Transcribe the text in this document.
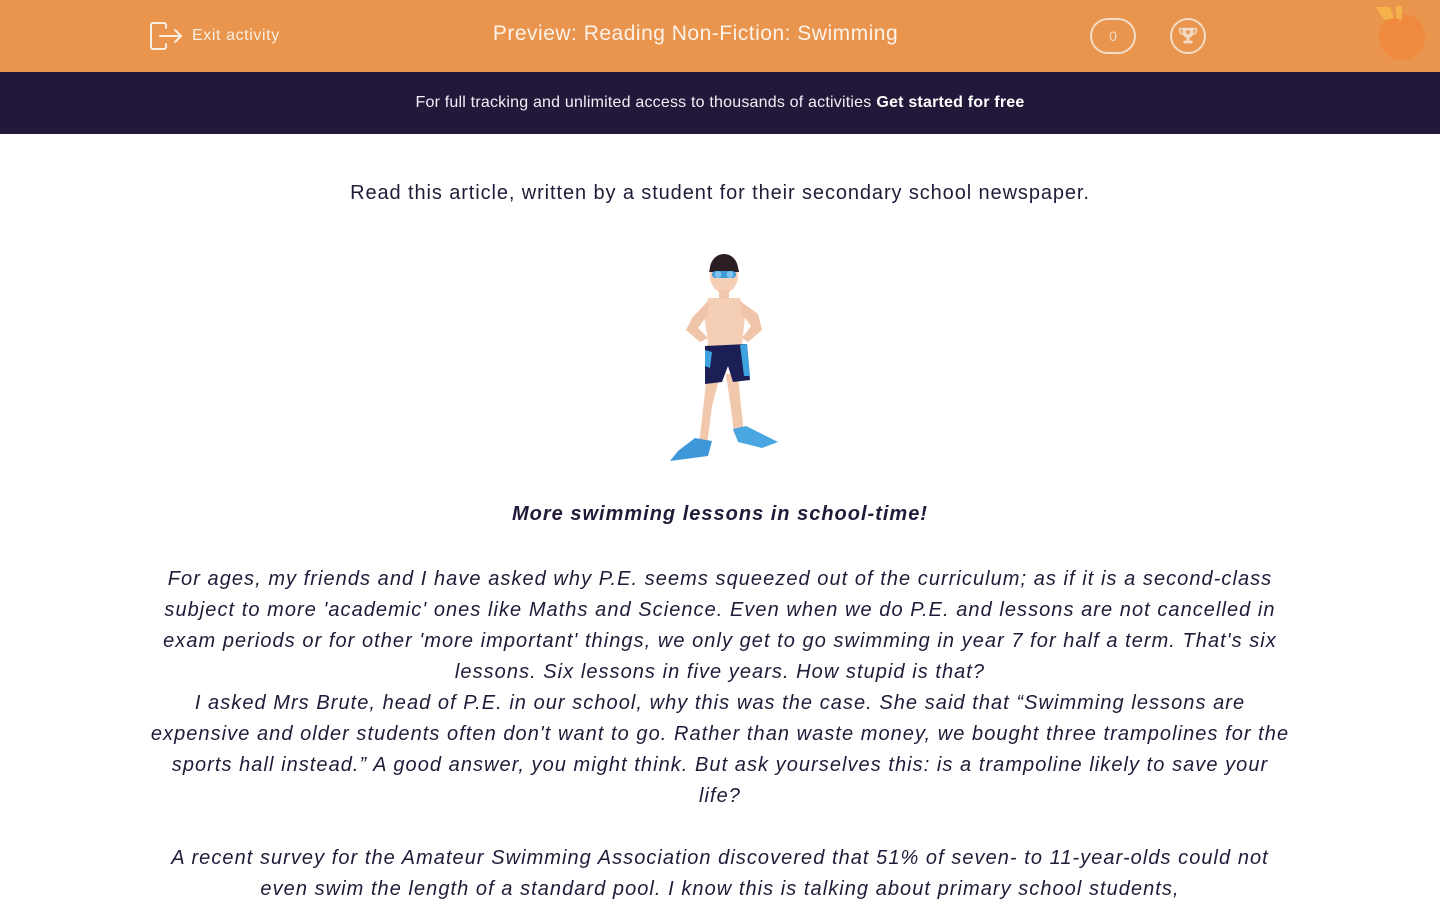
Exit activity	Preview: Reading Non-Fiction: Swimming	0
For full tracking and unlimited access to thousands of activities Get started for free
Read this article, written by a student for their secondary school newspaper.
More swimming lessons in school-time!

For ages, my friends and I have asked why P.E. seems squeezed out of the curriculum; as if it is a second-class subject to more 'academic' ones like Maths and Science. Even when we do P.E. and lessons are not cancelled in exam periods or for other 'more important' things, we only get to go swimming in year 7 for half a term. That's six lessons. Six lessons in five years. How stupid is that?

I asked Mrs Brute, head of P.E. in our school, why this was the case. She said that “Swimming lessons are expensive and older students often don't want to go. Rather than waste money, we bought three trampolines for the sports hall instead.” A good answer, you might think. But ask yourselves this: is a trampoline likely to save your life?

A recent survey for the Amateur Swimming Association discovered that 51% of seven- to 11-year-olds could not even swim the length of a standard pool. I know this is talking about primary school students,
